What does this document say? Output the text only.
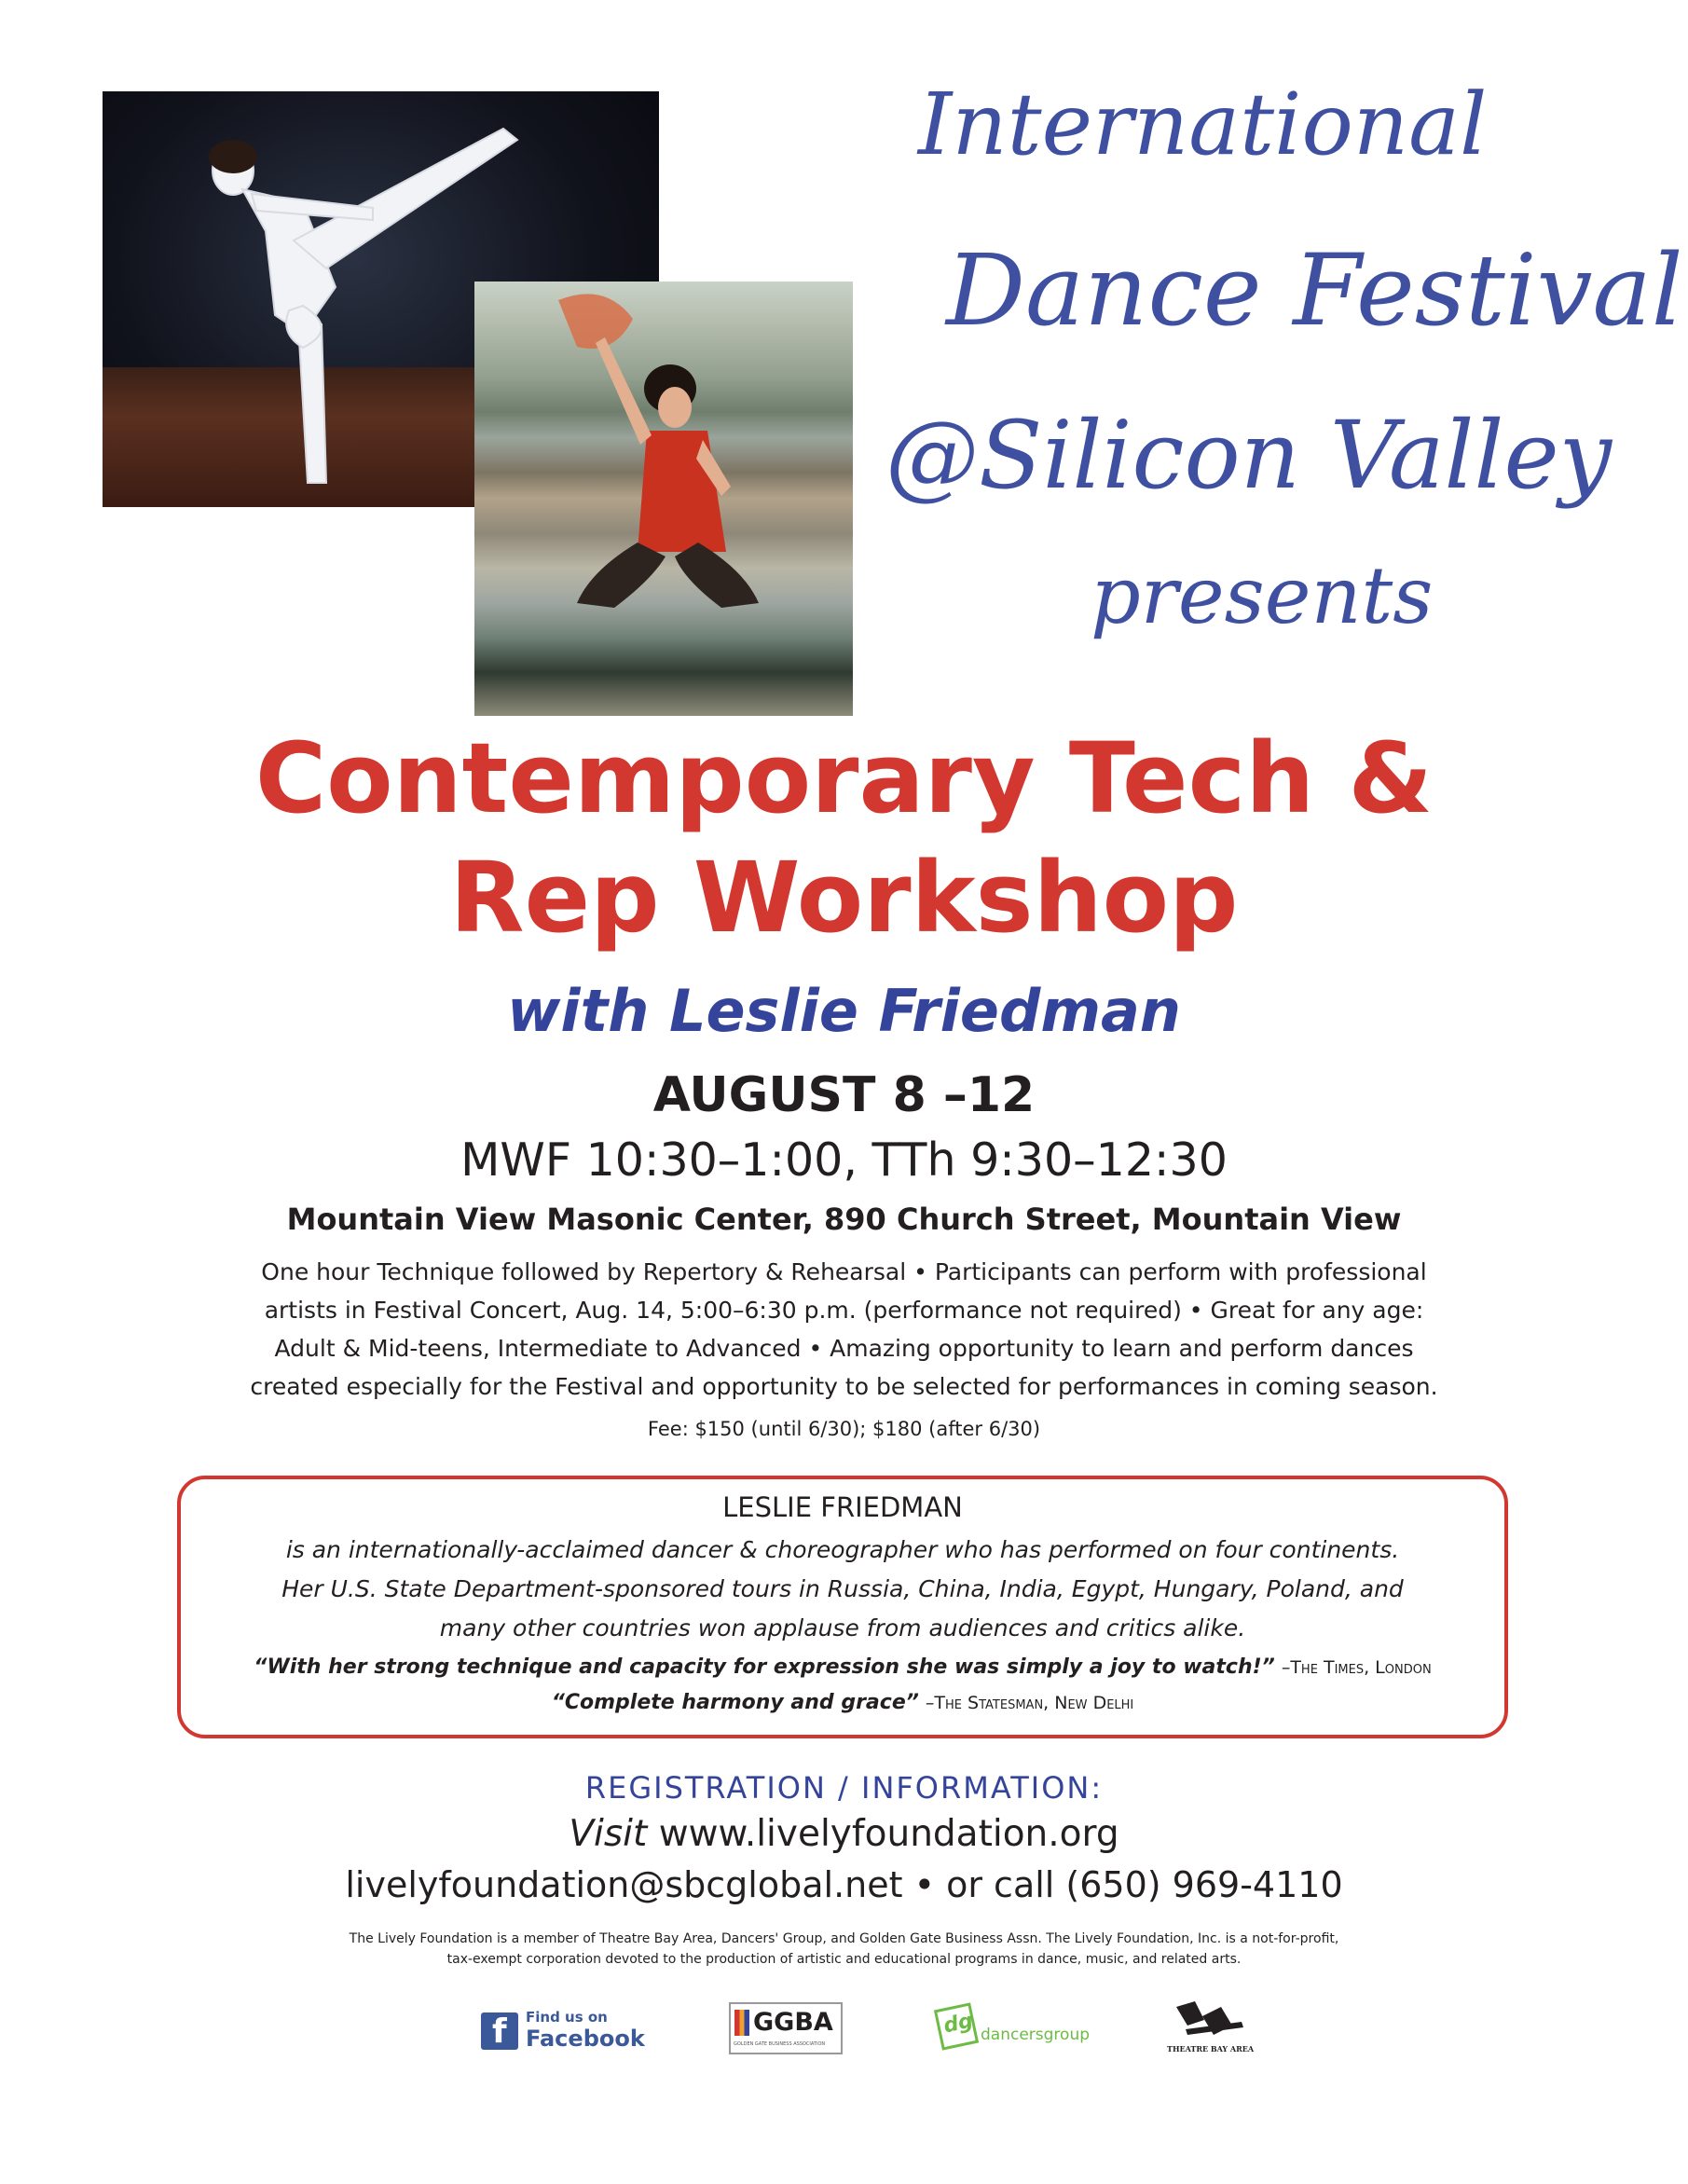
International
Dance Festival
@Silicon Valley
presents
Contemporary Tech &
Rep Workshop
with Leslie Friedman
AUGUST 8 –12
MWF 10:30–1:00, TTh 9:30–12:30
Mountain View Masonic Center, 890 Church Street, Mountain View
One hour Technique followed by Repertory & Rehearsal • Participants can perform with professional
artists in Festival Concert, Aug. 14, 5:00–6:30 p.m. (performance not required) • Great for any age:
Adult & Mid-teens, Intermediate to Advanced • Amazing opportunity to learn and perform dances
created especially for the Festival and opportunity to be selected for performances in coming season.
Fee: $150 (until 6/30); $180 (after 6/30)
LESLIE FRIEDMAN
is an internationally-acclaimed dancer & choreographer who has performed on four continents.
Her U.S. State Department-sponsored tours in Russia, China, India, Egypt, Hungary, Poland, and
many other countries won applause from audiences and critics alike.
“With her strong technique and capacity for expression she was simply a joy to watch!” –The Times, London
“Complete harmony and grace” –The Statesman, New Delhi
REGISTRATION / INFORMATION:
Visit www.livelyfoundation.org
livelyfoundation@sbcglobal.net • or call (650) 969-4110
The Lively Foundation is a member of Theatre Bay Area, Dancers' Group, and Golden Gate Business Assn. The Lively Foundation, Inc. is a not-for-profit,
tax-exempt corporation devoted to the production of artistic and educational programs in dance, music, and related arts.
f Find us on
Facebook
GGBA
GOLDEN GATE BUSINESS ASSOCIATION
dg dancersgroup
THEATRE BAY AREA
